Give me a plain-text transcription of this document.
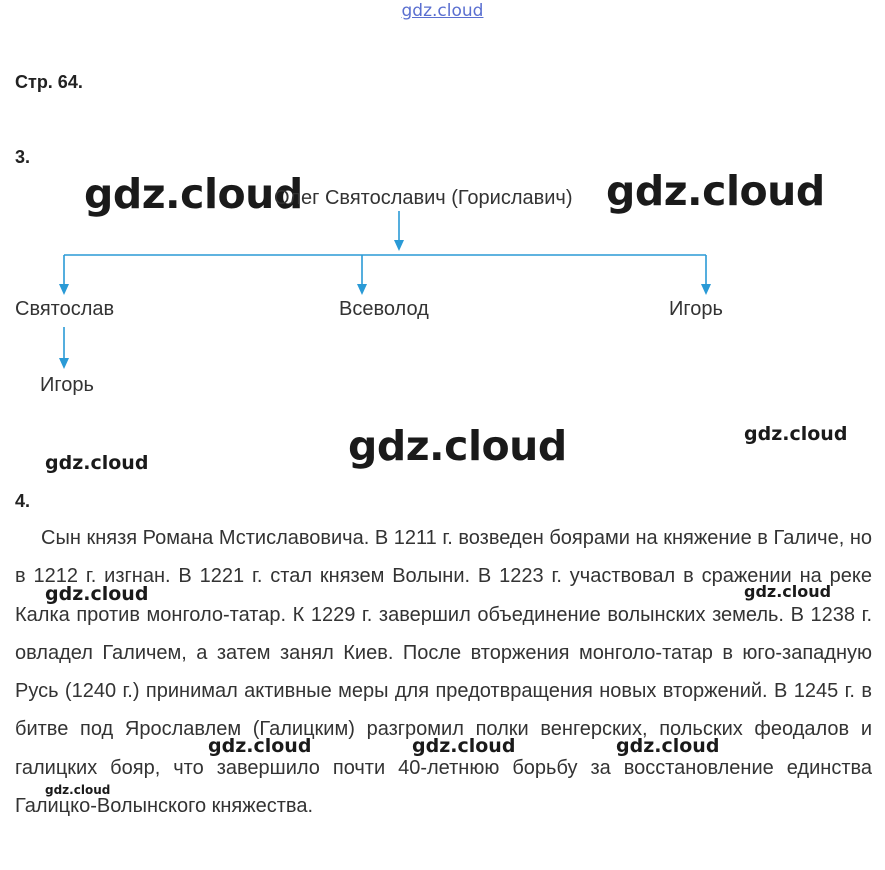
gdz.cloud
Стр. 64.
3.
gdz.cloud
Олег Святославич (Гориславич) gdz.cloud
Святослав	Всеволод	Игорь
Игорь
gdz.cloud	gdz.cloud
gdz.cloud
4.
Сын князя Романа Мстиславовича. В 1211 г. возведен боярами на княжение в Галиче, но в 1212 г. изгнан. В 1221 г. стал князем Волыни. В 1223 г. участвовал в сражении на реке Калка против монголо-татар. К 1229 г. завершил объединение волынских земель. В 1238 г. овладел Галичем, а затем занял Киев. После вторжения монголо-татар в юго-западную Русь (1240 г.) принимал активные меры для предотвращения новых вторжений. В 1245 г. в битве под Ярославлем (Галицким) разгромил полки венгерских, польских феодалов и галицких бояр, что завершило почти 40-летнюю борьбу за восстановление единства Галицко-Волынского княжества.
gdz.cloud	gdz.cloud
gdz.cloud	gdz.cloud	gdz.cloud
gdz.cloud
